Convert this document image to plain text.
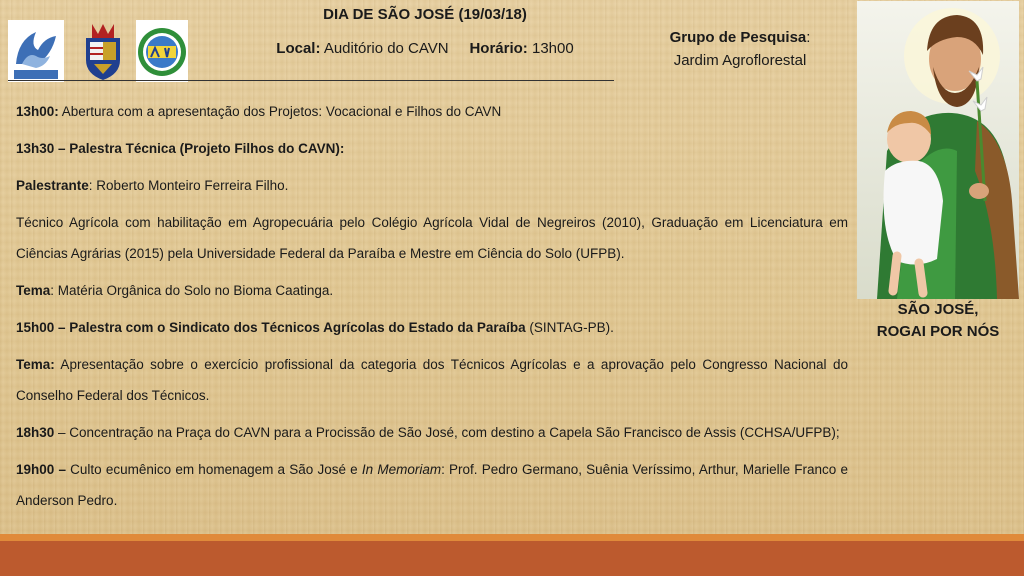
DIA DE SÃO JOSÉ (19/03/18)
Local: Auditório do CAVN Horário: 13h00
Grupo de Pesquisa:
Jardim Agroflorestal
SÃO JOSÉ,
ROGAI POR NÓS

13h00: Abertura com a apresentação dos Projetos: Vocacional e Filhos do CAVN

13h30 – Palestra Técnica (Projeto Filhos do CAVN):

Palestrante: Roberto Monteiro Ferreira Filho.

Técnico Agrícola com habilitação em Agropecuária pelo Colégio Agrícola Vidal de Negreiros (2010), Graduação em Licenciatura em Ciências Agrárias (2015) pela Universidade Federal da Paraíba e Mestre em Ciência do Solo (UFPB).

Tema: Matéria Orgânica do Solo no Bioma Caatinga.

15h00 – Palestra com o Sindicato dos Técnicos Agrícolas do Estado da Paraíba (SINTAG-PB).

Tema: Apresentação sobre o exercício profissional da categoria dos Técnicos Agrícolas e a aprovação pelo Congresso Nacional do Conselho Federal dos Técnicos.

18h30 – Concentração na Praça do CAVN para a Procissão de São José, com destino a Capela São Francisco de Assis (CCHSA/UFPB);

19h00 – Culto ecumênico em homenagem a São José e In Memoriam: Prof. Pedro Germano, Suênia Veríssimo, Arthur, Marielle Franco e Anderson Pedro.
